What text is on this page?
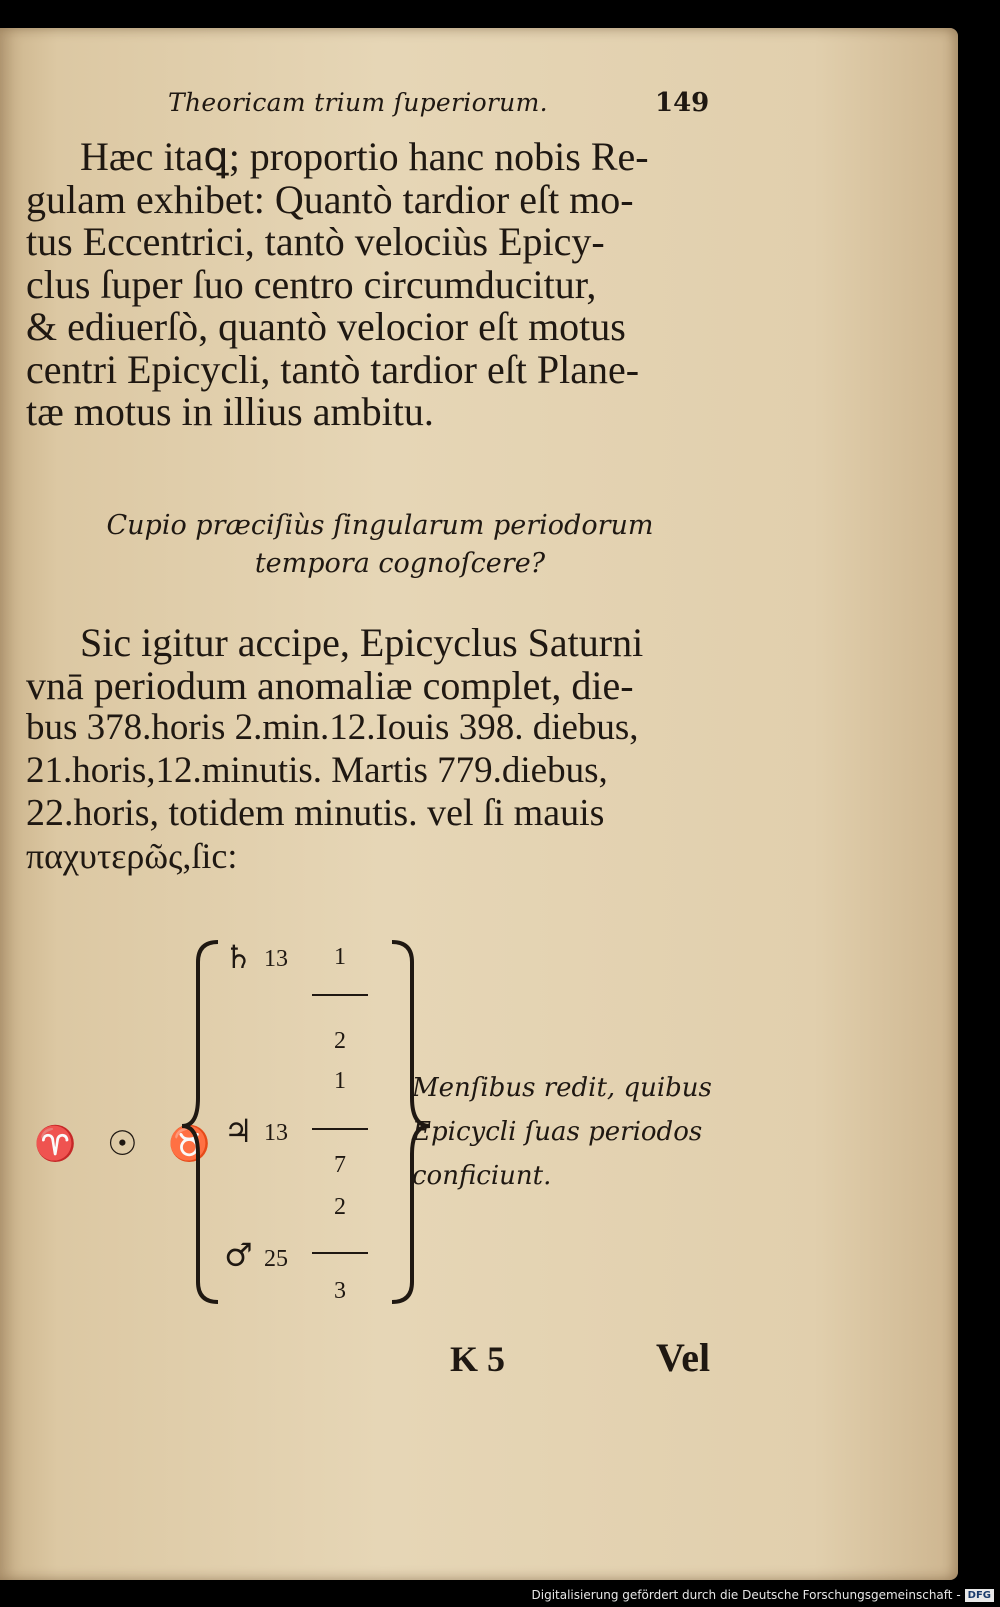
Theoricam trium ſuperiorum.	149
Hæc itaꝗ; proportio hanc nobis Re-
gulam exhibet: Quantò tardior eſt mo-
tus Eccentrici, tantò velociùs Epicy-
clus ſuper ſuo centro circumducitur,
& ediuerſò, quantò velocior eſt motus
centri Epicycli, tantò tardior eſt Plane-
tæ motus in illius ambitu.
Cupio præciſiùs ſingularum periodorum
tempora cognoſcere?
Sic igitur accipe, Epicyclus Saturni
vnā periodum anomaliæ complet, die-
bus 378.horis 2.min.12.Iouis 398. diebus,
21.horis,12.minutis. Martis 779.diebus,
22.horis, totidem minutis. vel ſi mauis
παχυτερῶς,ſic:
♈ ☉ ♉
♄ 13 1
2
♃ 13
1
7
♂ 25
2
3
Menſibus redit, quibus
Epicycli ſuas periodos
conficiunt.
K 5	Vel
Digitalisierung gefördert durch die Deutsche Forschungsgemeinschaft - DFG
